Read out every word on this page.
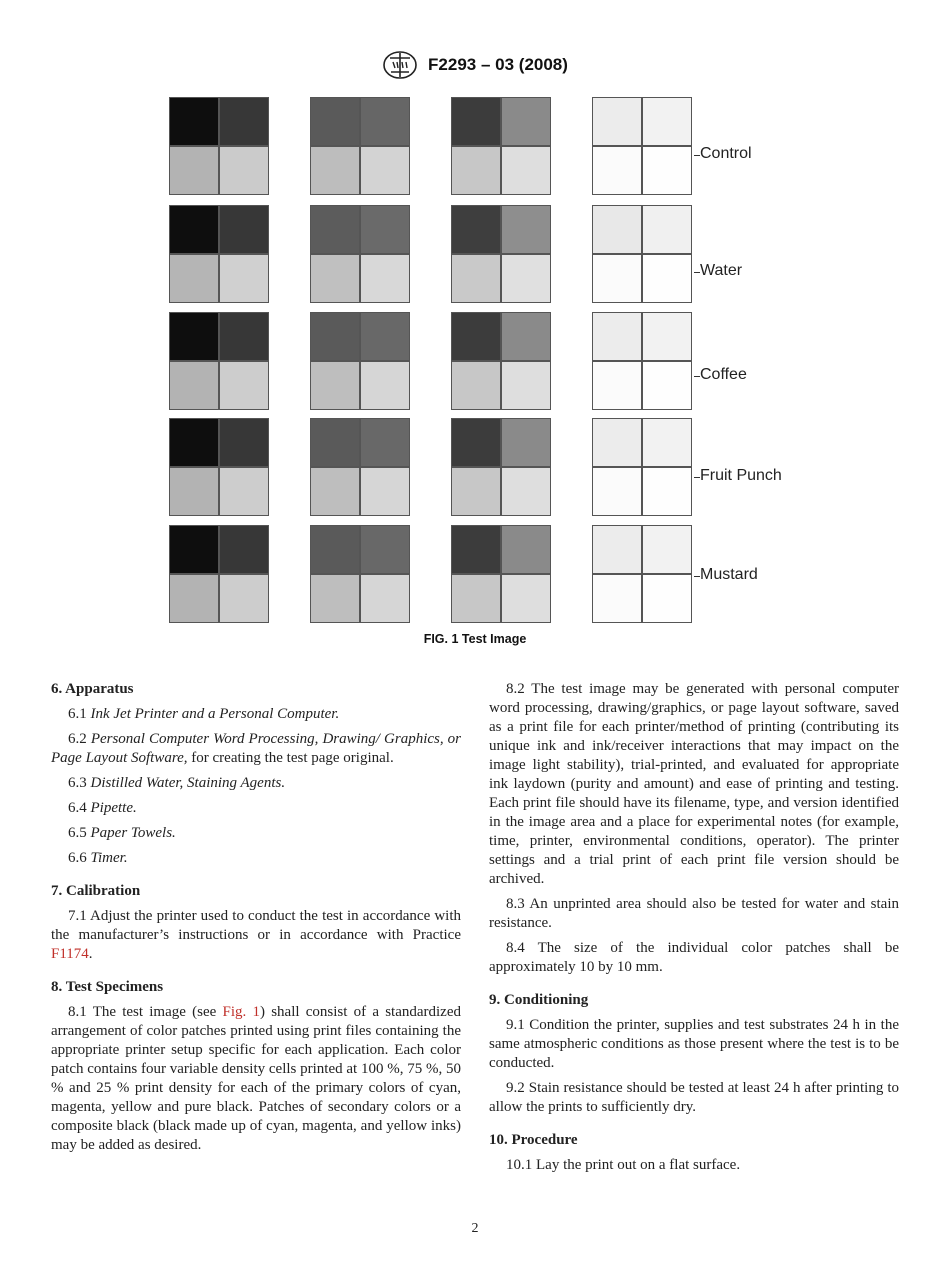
F2293 – 03 (2008)
Control
Water
Coffee
Fruit Punch
Mustard
FIG. 1 Test Image
6. Apparatus

6.1 Ink Jet Printer and a Personal Computer.

6.2 Personal Computer Word Processing, Drawing/ Graphics, or Page Layout Software, for creating the test page original.

6.3 Distilled Water, Staining Agents.

6.4 Pipette.

6.5 Paper Towels.

6.6 Timer.

7. Calibration

7.1 Adjust the printer used to conduct the test in accordance with the manufacturer’s instructions or in accordance with Practice F1174.

8. Test Specimens

8.1 The test image (see Fig. 1) shall consist of a standardized arrangement of color patches printed using print files containing the appropriate printer setup specific for each application. Each color patch contains four variable density cells printed at 100 %, 75 %, 50 % and 25 % print density for each of the primary colors of cyan, magenta, yellow and pure black. Patches of secondary colors or a composite black (black made up of cyan, magenta, and yellow inks) may be added as desired.

8.2 The test image may be generated with personal computer word processing, drawing/graphics, or page layout software, saved as a print file for each printer/method of printing (contributing its unique ink and ink/receiver interactions that may impact on the image light stability), trial-printed, and evaluated for appropriate ink laydown (purity and amount) and ease of printing and testing. Each print file should have its filename, type, and version identified in the image area and a place for experimental notes (for example, time, printer, environmental conditions, operator). The printer settings and a trial print of each print file version should be archived.

8.3 An unprinted area should also be tested for water and stain resistance.

8.4 The size of the individual color patches shall be approximately 10 by 10 mm.

9. Conditioning

9.1 Condition the printer, supplies and test substrates 24 h in the same atmospheric conditions as those present where the test is to be conducted.

9.2 Stain resistance should be tested at least 24 h after printing to allow the prints to sufficiently dry.

10. Procedure

10.1 Lay the print out on a flat surface.

2
